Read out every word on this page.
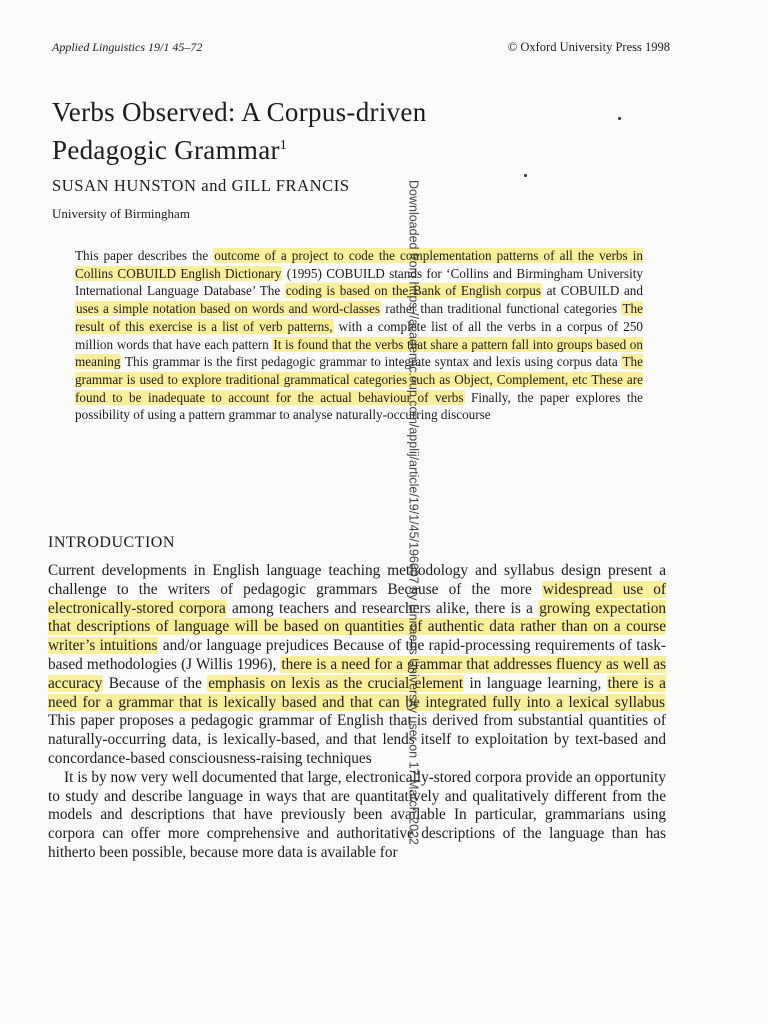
Applied Linguistics 19/1 45–72	© Oxford University Press 1998
Verbs Observed: A Corpus-driven
Pedagogic Grammar$^1$
SUSAN HUNSTON and GILL FRANCIS
University of Birmingham

This paper describes the outcome of a project to code the complementation patterns of all the verbs in Collins COBUILD English Dictionary (1995) COBUILD stands for ‘Collins and Birmingham University International Language Database’ The coding is based on the Bank of English corpus at COBUILD and uses a simple notation based on words and word-classes rather than traditional functional categories The result of this exercise is a list of verb patterns, with a complete list of all the verbs in a corpus of 250 million words that have each pattern It is found that the verbs that share a pattern fall into groups based on meaning This grammar is the first pedagogic grammar to integrate syntax and lexis using corpus data The grammar is used to explore traditional grammatical categories such as Object, Complement, etc These are found to be inadequate to account for the actual behaviour of verbs Finally, the paper explores the possibility of using a pattern grammar to analyse naturally-occurring discourse

INTRODUCTION

Current developments in English language teaching methodology and syllabus design present a challenge to the writers of pedagogic grammars Because of the more widespread use of electronically-stored corpora among teachers and researchers alike, there is a growing expectation that descriptions of language will be based on quantities of authentic data rather than on a course writer’s intuitions and/or language prejudices Because of the rapid-processing requirements of task-based methodologies (J Willis 1996), there is a need for a grammar that addresses fluency as well as accuracy Because of the emphasis on lexis as the crucial element in language learning, there is a need for a grammar that is lexically based and that can be integrated fully into a lexical syllabus This paper proposes a pedagogic grammar of English that is derived from substantial quantities of naturally-occurring data, is lexically-based, and that lends itself to exploitation by text-based and concordance-based consciousness-raising techniques

It is by now very well documented that large, electronically-stored corpora provide an opportunity to study and describe language in ways that are quantitatively and qualitatively different from the models and descriptions that have previously been available In particular, grammarians using corpora can offer more comprehensive and authoritative descriptions of the language than has hitherto been possible, because more data is available for

Downloaded from https://academic.oup.com/applij/article/19/1/45/196607 by Linnaeus University user on 17 March 2022
